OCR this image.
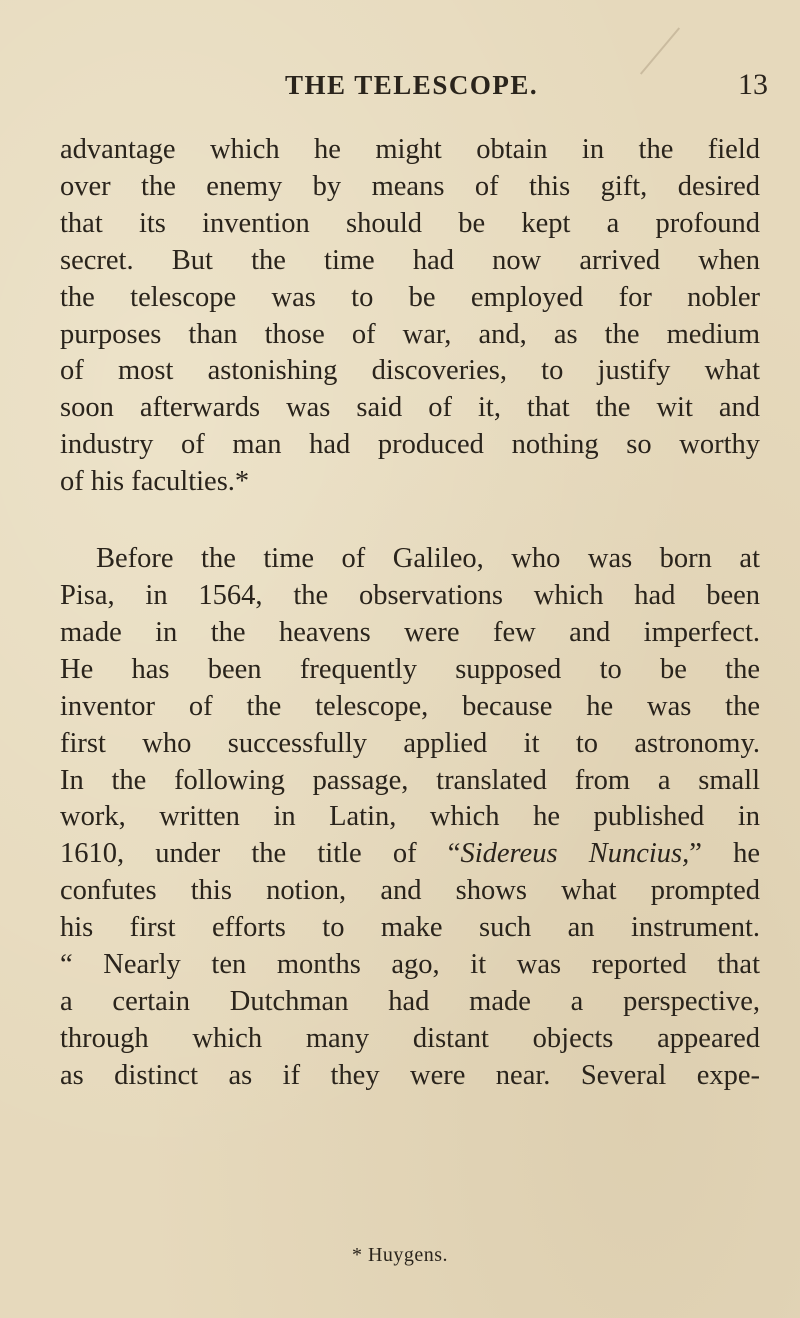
THE TELESCOPE.	13
advantage which he might obtain in the field
over the enemy by means of this gift, desired
that its invention should be kept a profound
secret. But the time had now arrived when
the telescope was to be employed for nobler
purposes than those of war, and, as the medium
of most astonishing discoveries, to justify what
soon afterwards was said of it, that the wit and
industry of man had produced nothing so worthy
of his faculties.*
Before the time of Galileo, who was born at
Pisa, in 1564, the observations which had been
made in the heavens were few and imperfect.
He has been frequently supposed to be the
inventor of the telescope, because he was the
first who successfully applied it to astronomy.
In the following passage, translated from a small
work, written in Latin, which he published in
1610, under the title of “Sidereus Nuncius,” he
confutes this notion, and shows what prompted
his first efforts to make such an instrument.
“ Nearly ten months ago, it was reported that
a certain Dutchman had made a perspective,
through which many distant objects appeared
as distinct as if they were near. Several expe-
* Huygens.
